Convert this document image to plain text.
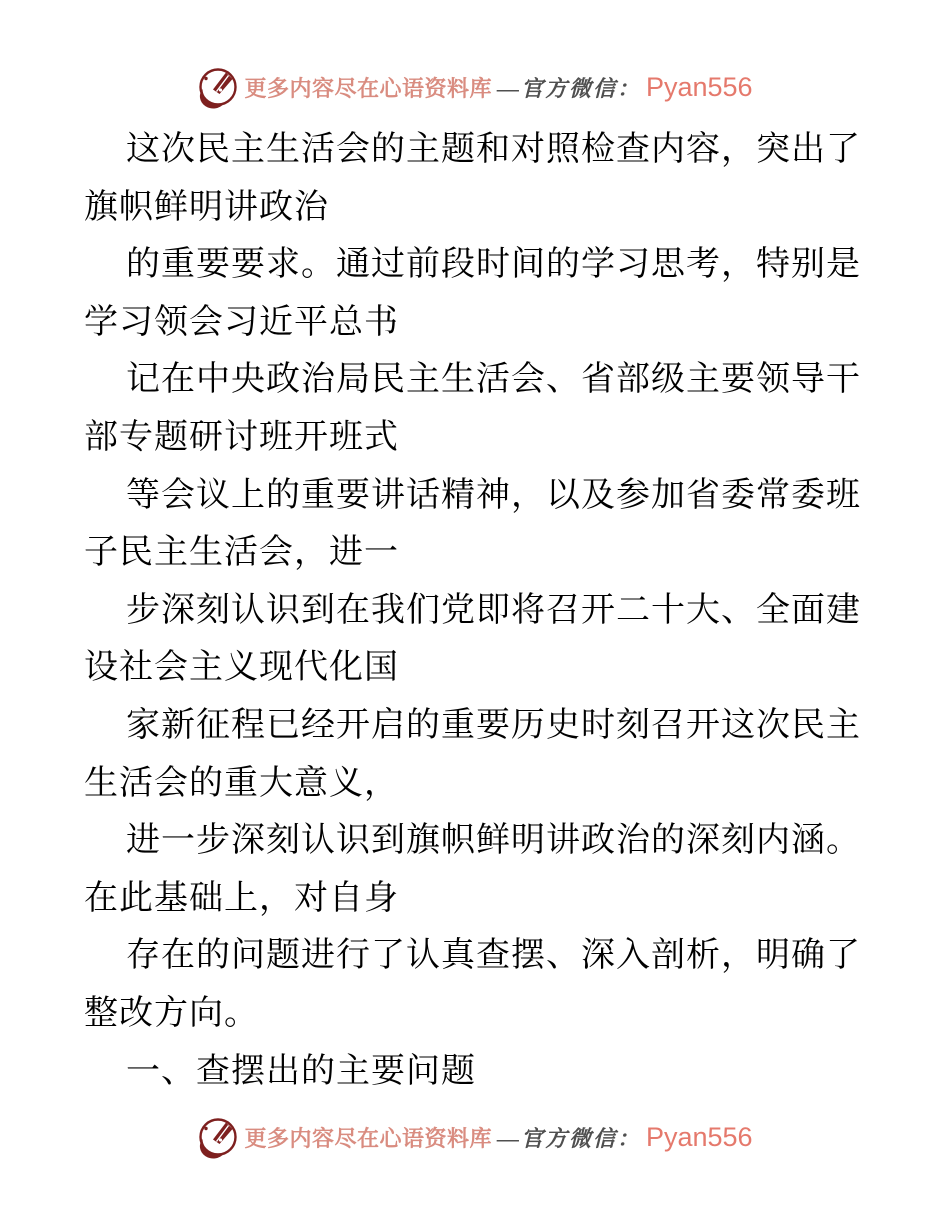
更多内容尽在心语资料库 —官方微信： Pyan556
这次民主生活会的主题和对照检查内容，突出了
旗帜鲜明讲政治
的重要要求。通过前段时间的学习思考，特别是
学习领会习近平总书
记在中央政治局民主生活会、省部级主要领导干
部专题研讨班开班式
等会议上的重要讲话精神，以及参加省委常委班
子民主生活会，进一
步深刻认识到在我们党即将召开二十大、全面建
设社会主义现代化国
家新征程已经开启的重要历史时刻召开这次民主
生活会的重大意义，
进一步深刻认识到旗帜鲜明讲政治的深刻内涵。
在此基础上，对自身
存在的问题进行了认真查摆、深入剖析，明确了
整改方向。
一、查摆出的主要问题
更多内容尽在心语资料库 —官方微信： Pyan556
